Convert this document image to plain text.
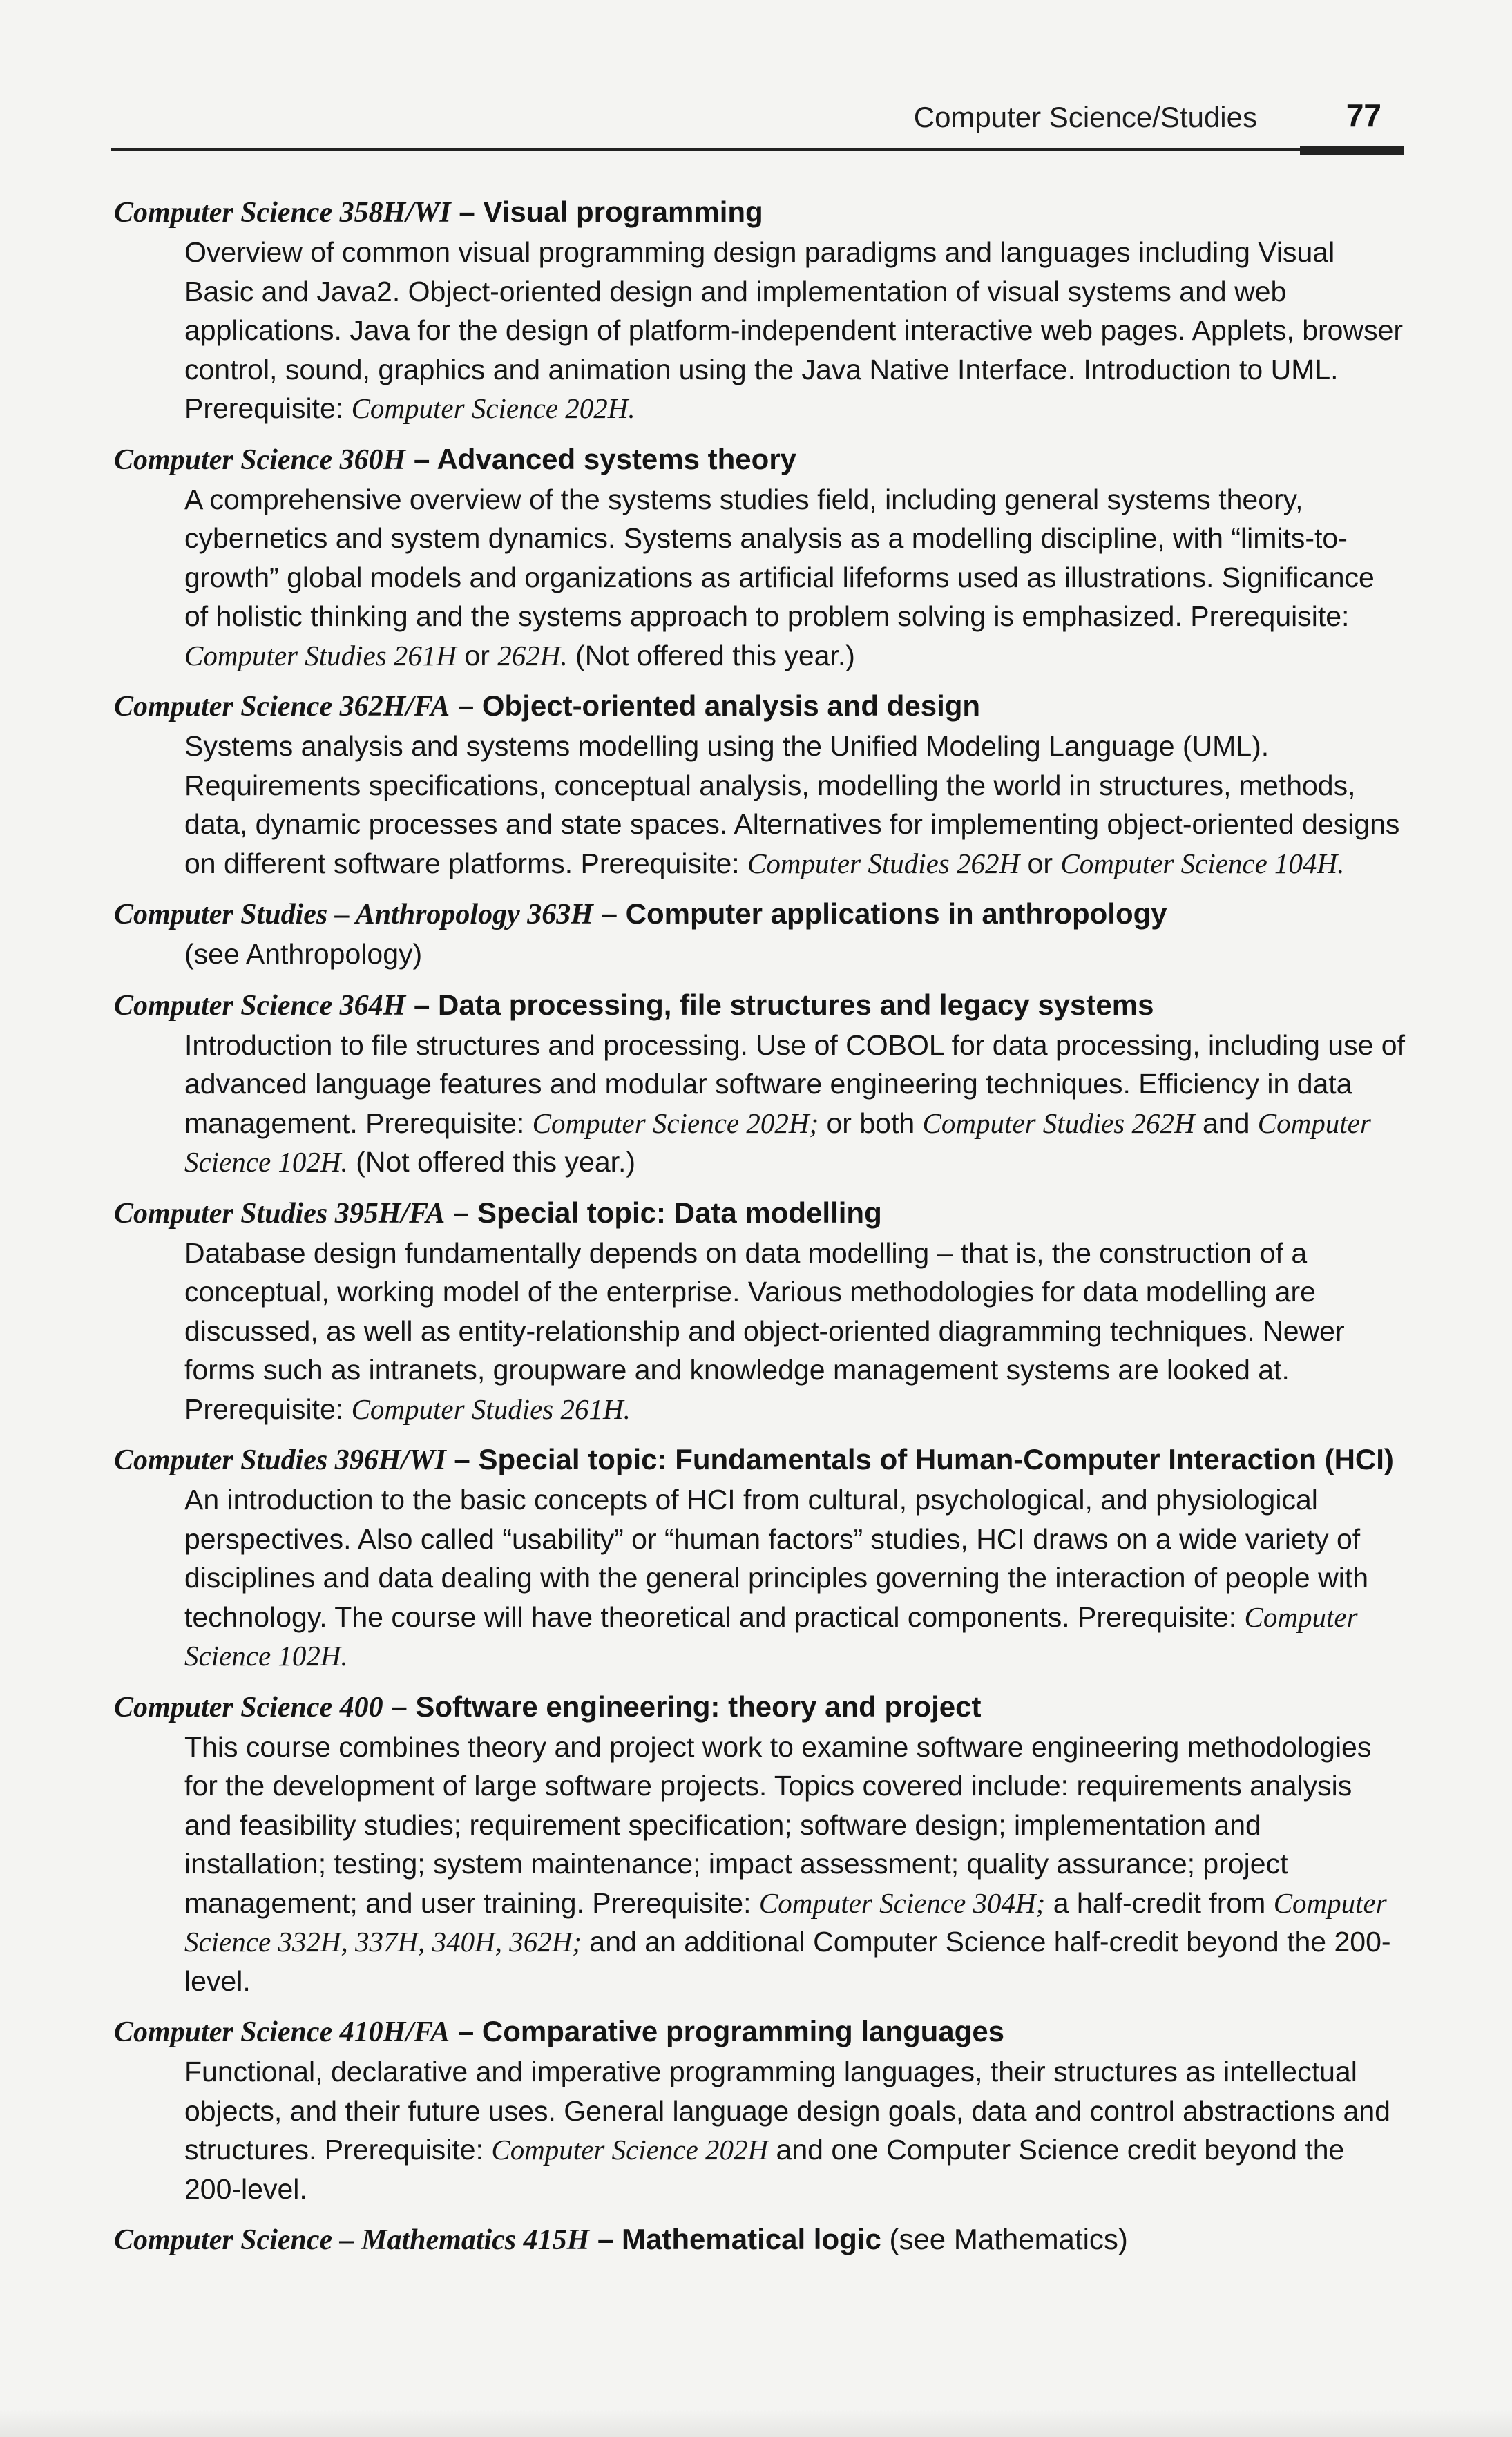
Computer Science/Studies	77

Computer Science 358H/WI – Visual programming

Overview of common visual programming design paradigms and languages including Visual Basic and Java2. Object-oriented design and implementation of visual systems and web applications. Java for the design of platform-independent interactive web pages. Applets, browser control, sound, graphics and animation using the Java Native Interface. Introduction to UML. Prerequisite: Computer Science 202H.

Computer Science 360H – Advanced systems theory

A comprehensive overview of the systems studies field, including general systems theory, cybernetics and system dynamics. Systems analysis as a modelling discipline, with “limits-to-growth” global models and organizations as artificial lifeforms used as illustrations. Significance of holistic thinking and the systems approach to problem solving is emphasized. Prerequisite: Computer Studies 261H or 262H. (Not offered this year.)

Computer Science 362H/FA – Object-oriented analysis and design

Systems analysis and systems modelling using the Unified Modeling Language (UML). Requirements specifications, conceptual analysis, modelling the world in structures, methods, data, dynamic processes and state spaces. Alternatives for implementing object-oriented designs on different software platforms. Prerequisite: Computer Studies 262H or Computer Science 104H.

Computer Studies – Anthropology 363H – Computer applications in anthropology

(see Anthropology)

Computer Science 364H – Data processing, file structures and legacy systems

Introduction to file structures and processing. Use of COBOL for data processing, including use of advanced language features and modular software engineering techniques. Efficiency in data management. Prerequisite: Computer Science 202H; or both Computer Studies 262H and Computer Science 102H. (Not offered this year.)

Computer Studies 395H/FA – Special topic: Data modelling

Database design fundamentally depends on data modelling – that is, the construction of a conceptual, working model of the enterprise. Various methodologies for data modelling are discussed, as well as entity-relationship and object-oriented diagramming techniques. Newer forms such as intranets, groupware and knowledge management systems are looked at. Prerequisite: Computer Studies 261H.

Computer Studies 396H/WI – Special topic: Fundamentals of Human-Computer Interaction (HCI)

An introduction to the basic concepts of HCI from cultural, psychological, and physiological perspectives. Also called “usability” or “human factors” studies, HCI draws on a wide variety of disciplines and data dealing with the general principles governing the interaction of people with technology. The course will have theoretical and practical components. Prerequisite: Computer Science 102H.

Computer Science 400 – Software engineering: theory and project

This course combines theory and project work to examine software engineering methodologies for the development of large software projects. Topics covered include: requirements analysis and feasibility studies; requirement specification; software design; implementation and installation; testing; system maintenance; impact assessment; quality assurance; project management; and user training. Prerequisite: Computer Science 304H; a half-credit from Computer Science 332H, 337H, 340H, 362H; and an additional Computer Science half-credit beyond the 200-level.

Computer Science 410H/FA – Comparative programming languages

Functional, declarative and imperative programming languages, their structures as intellectual objects, and their future uses. General language design goals, data and control abstractions and structures. Prerequisite: Computer Science 202H and one Computer Science credit beyond the 200-level.

Computer Science – Mathematics 415H – Mathematical logic (see Mathematics)
